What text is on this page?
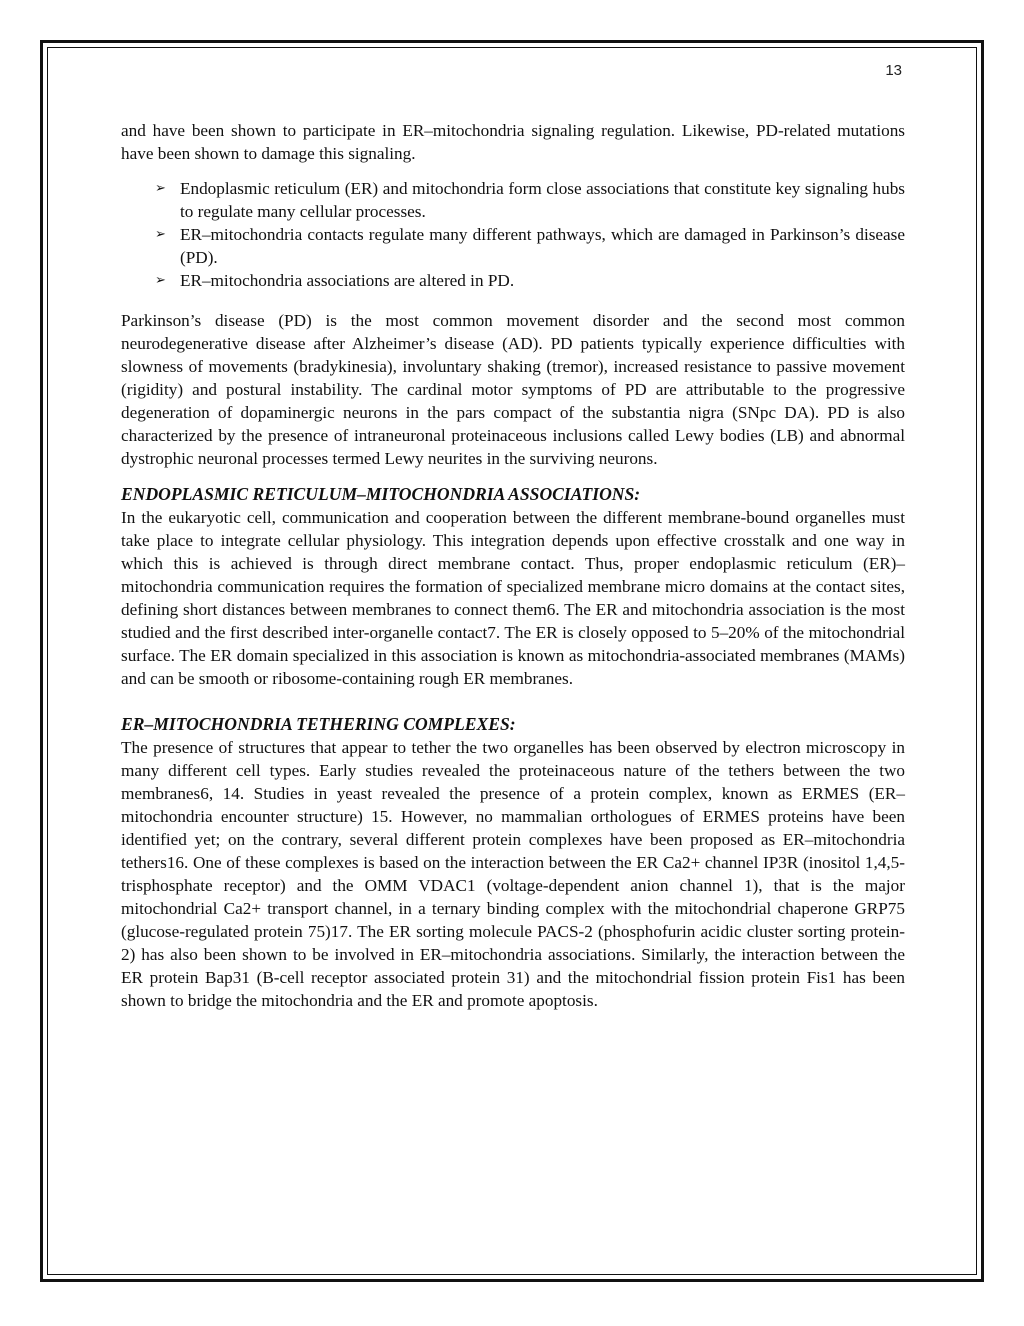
13

and have been shown to participate in ER–mitochondria signaling regulation. Likewise, PD-related mutations have been shown to damage this signaling.

➢ Endoplasmic reticulum (ER) and mitochondria form close associations that constitute key signaling hubs to regulate many cellular processes.
➢ ER–mitochondria contacts regulate many different pathways, which are damaged in Parkinson’s disease (PD).
➢ ER–mitochondria associations are altered in PD.

Parkinson’s disease (PD) is the most common movement disorder and the second most common neurodegenerative disease after Alzheimer’s disease (AD). PD patients typically experience difficulties with slowness of movements (bradykinesia), involuntary shaking (tremor), increased resistance to passive movement (rigidity) and postural instability. The cardinal motor symptoms of PD are attributable to the progressive degeneration of dopaminergic neurons in the pars compact of the substantia nigra (SNpc DA). PD is also characterized by the presence of intraneuronal proteinaceous inclusions called Lewy bodies (LB) and abnormal dystrophic neuronal processes termed Lewy neurites in the surviving neurons.

ENDOPLASMIC RETICULUM–MITOCHONDRIA ASSOCIATIONS:

In the eukaryotic cell, communication and cooperation between the different membrane-bound organelles must take place to integrate cellular physiology. This integration depends upon effective crosstalk and one way in which this is achieved is through direct membrane contact. Thus, proper endoplasmic reticulum (ER)–mitochondria communication requires the formation of specialized membrane micro domains at the contact sites, defining short distances between membranes to connect them6. The ER and mitochondria association is the most studied and the first described inter-organelle contact7. The ER is closely opposed to 5–20% of the mitochondrial surface. The ER domain specialized in this association is known as mitochondria-associated membranes (MAMs) and can be smooth or ribosome-containing rough ER membranes.

ER–MITOCHONDRIA TETHERING COMPLEXES:

The presence of structures that appear to tether the two organelles has been observed by electron microscopy in many different cell types. Early studies revealed the proteinaceous nature of the tethers between the two membranes6, 14. Studies in yeast revealed the presence of a protein complex, known as ERMES (ER–mitochondria encounter structure) 15. However, no mammalian orthologues of ERMES proteins have been identified yet; on the contrary, several different protein complexes have been proposed as ER–mitochondria tethers16. One of these complexes is based on the interaction between the ER Ca2+ channel IP3R (inositol 1,4,5-trisphosphate receptor) and the OMM VDAC1 (voltage-dependent anion channel 1), that is the major mitochondrial Ca2+ transport channel, in a ternary binding complex with the mitochondrial chaperone GRP75 (glucose-regulated protein 75)17. The ER sorting molecule PACS-2 (phosphofurin acidic cluster sorting protein-2) has also been shown to be involved in ER–mitochondria associations. Similarly, the interaction between the ER protein Bap31 (B-cell receptor associated protein 31) and the mitochondrial fission protein Fis1 has been shown to bridge the mitochondria and the ER and promote apoptosis.
